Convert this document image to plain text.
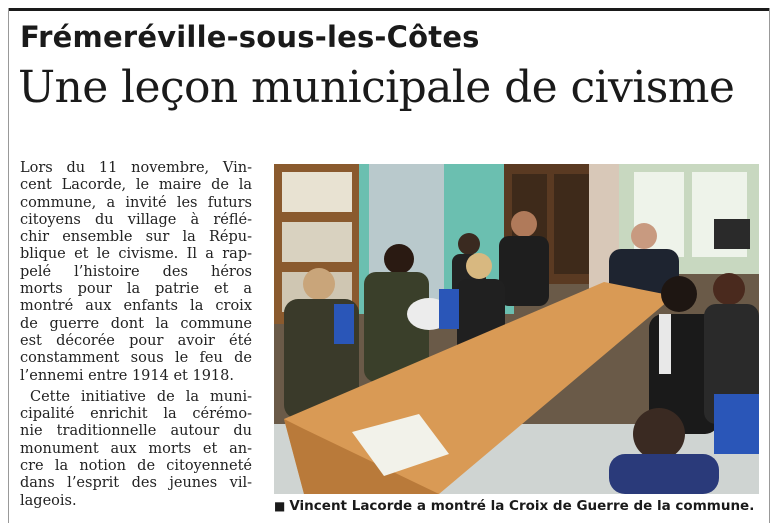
Frémeréville-sous-les-Côtes
Une leçon municipale de civisme
Lors du 11 novembre, Vin-
cent Lacorde, le maire de la
commune, a invité les futurs
citoyens du village à réflé-
chir ensemble sur la Répu-
blique et le civisme. Il a rap-
pelé l’histoire des héros
morts pour la patrie et a
montré aux enfants la croix
de guerre dont la commune
est décorée pour avoir été
constamment sous le feu de
l’ennemi entre 1914 et 1918.
Cette initiative de la muni-
cipalité enrichit la cérémo-
nie traditionnelle autour du
monument aux morts et an-
cre la notion de citoyenneté
dans l’esprit des jeunes vil-
lageois.	■ Vincent Lacorde a montré la Croix de Guerre de la commune.
